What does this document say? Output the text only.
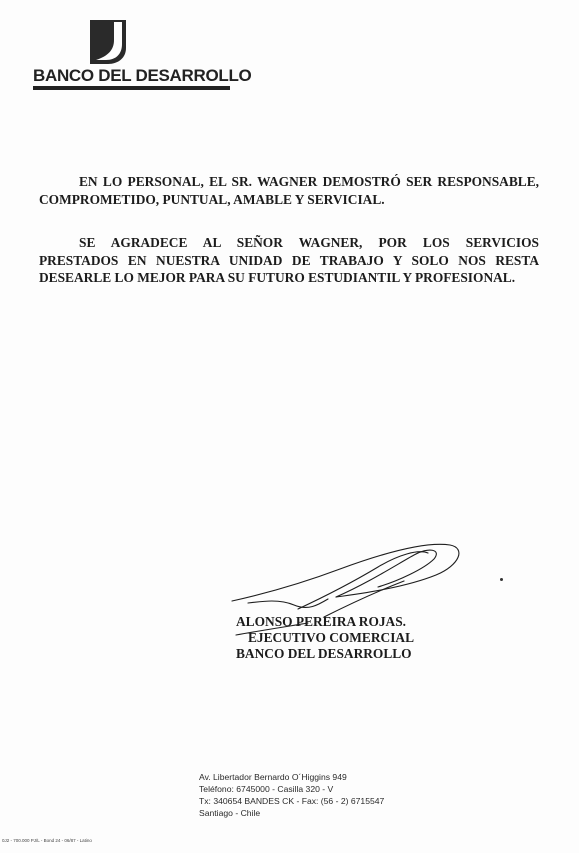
BANCO DEL DESARROLLO
EN LO PERSONAL, EL SR. WAGNER DEMOSTRÓ SER RESPONSABLE,
COMPROMETIDO, PUNTUAL, AMABLE Y SERVICIAL.
SE AGRADECE AL SEÑOR WAGNER, POR LOS SERVICIOS
PRESTADOS EN NUESTRA UNIDAD DE TRABAJO Y SOLO NOS RESTA
DESEARLE LO MEJOR PARA SU FUTURO ESTUDIANTIL Y PROFESIONAL.
ALONSO PEREIRA ROJAS.
EJECUTIVO COMERCIAL
BANCO DEL DESARROLLO
Av. Libertador Bernardo O´Higgins 949
Teléfono: 6745000 - Casilla 320 - V
Tx: 340654 BANDES CK - Fax: (56 - 2) 6715547
Santiago - Chile
0J2 - 700.000 PJ/L - Bond 24 - 06/87 - Latino
